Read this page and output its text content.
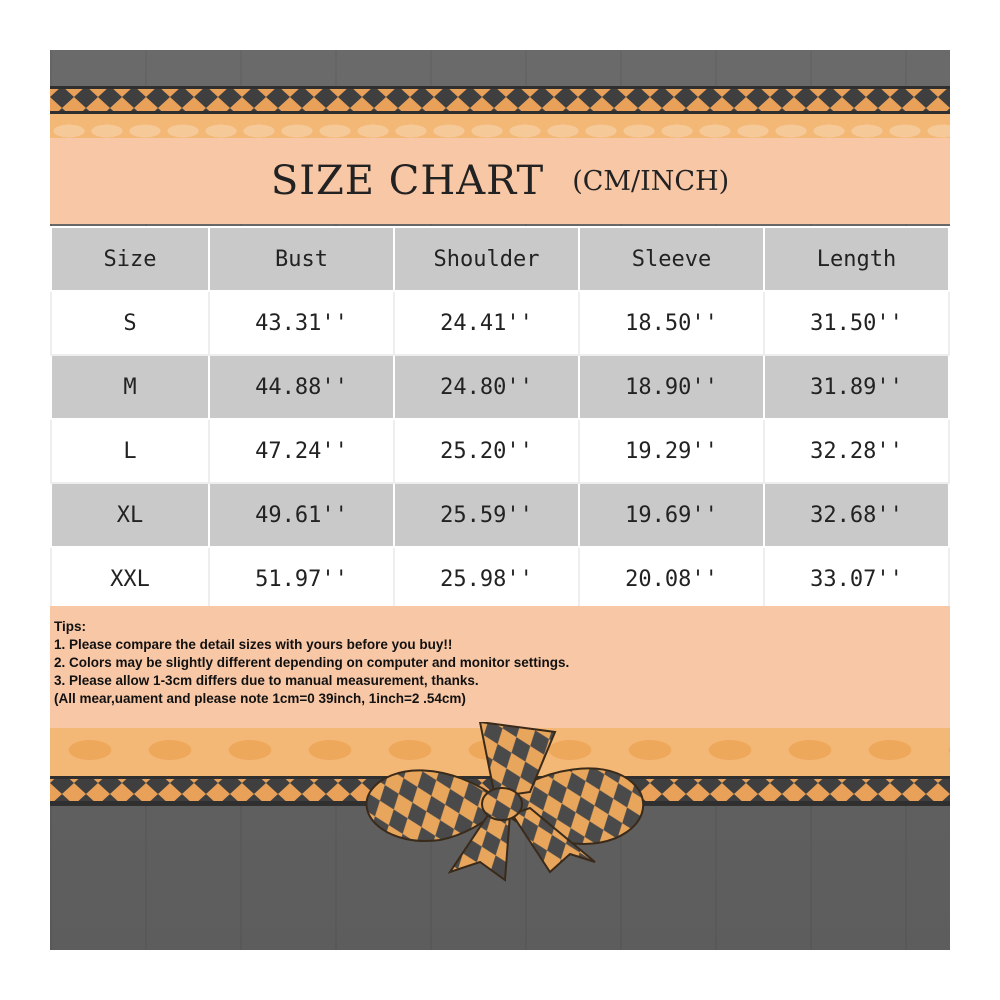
SIZE CHART (CM/INCH)
Size	Bust	Shoulder	Sleeve	Length
S	43.31''	24.41''	18.50''	31.50''
M	44.88''	24.80''	18.90''	31.89''
L	47.24''	25.20''	19.29''	32.28''
XL	49.61''	25.59''	19.69''	32.68''
XXL	51.97''	25.98''	20.08''	33.07''
Tips:
1. Please compare the detail sizes with yours before you buy!!
2. Colors may be slightly different depending on computer and monitor settings.
3. Please allow 1-3cm differs due to manual measurement, thanks.
(All mear,uament and please note 1cm=0 39inch, 1inch=2 .54cm)
